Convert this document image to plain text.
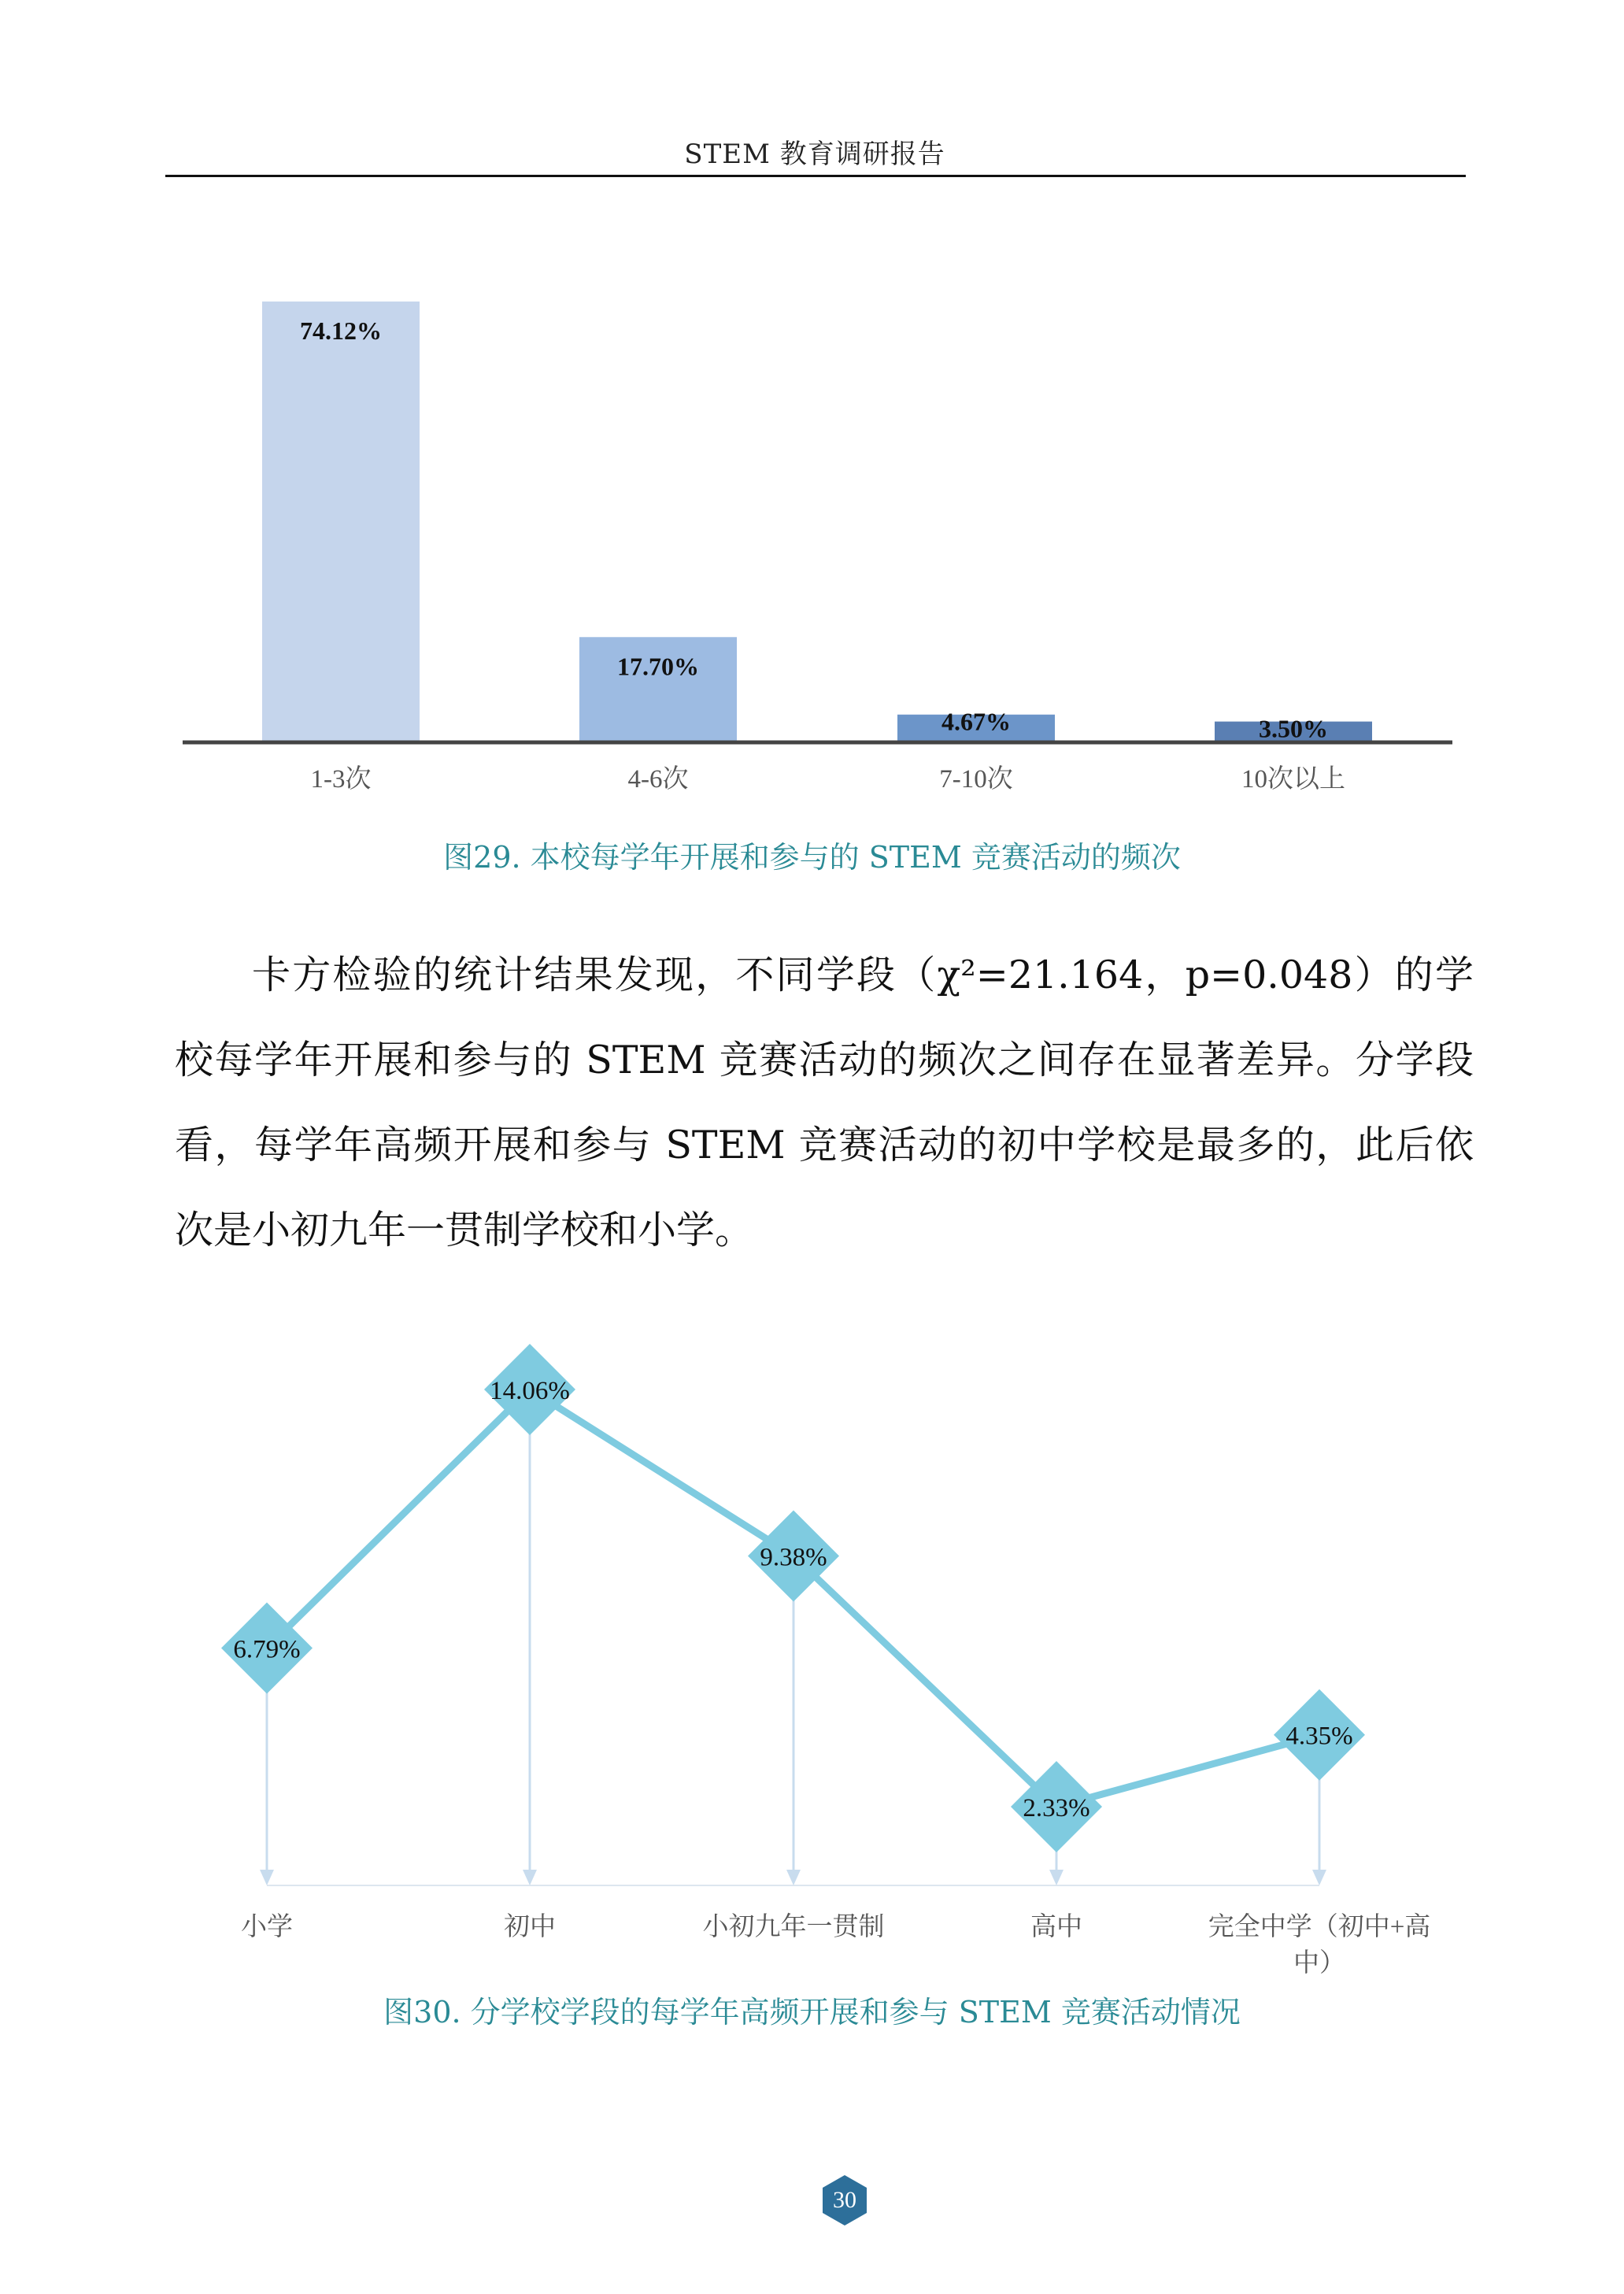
STEM 教育调研报告
74.12%
1-3次
17.70%
4-6次
4.67%
7-10次
3.50%
10次以上
图29. 本校每学年开展和参与的 STEM 竞赛活动的频次

卡方检验的统计结果发现，不同学段（χ²=21.164，p=0.048）的学校每学年开展和参与的 STEM 竞赛活动的频次之间存在显著差异。分学段看，每学年高频开展和参与 STEM 竞赛活动的初中学校是最多的，此后依次是小初九年一贯制学校和小学。

6.79%
14.06%
9.38%
2.33%
4.35%
小学	初中	小初九年一贯制	高中	完全中学（初中+高
中）
图30. 分学校学段的每学年高频开展和参与 STEM 竞赛活动情况
30
